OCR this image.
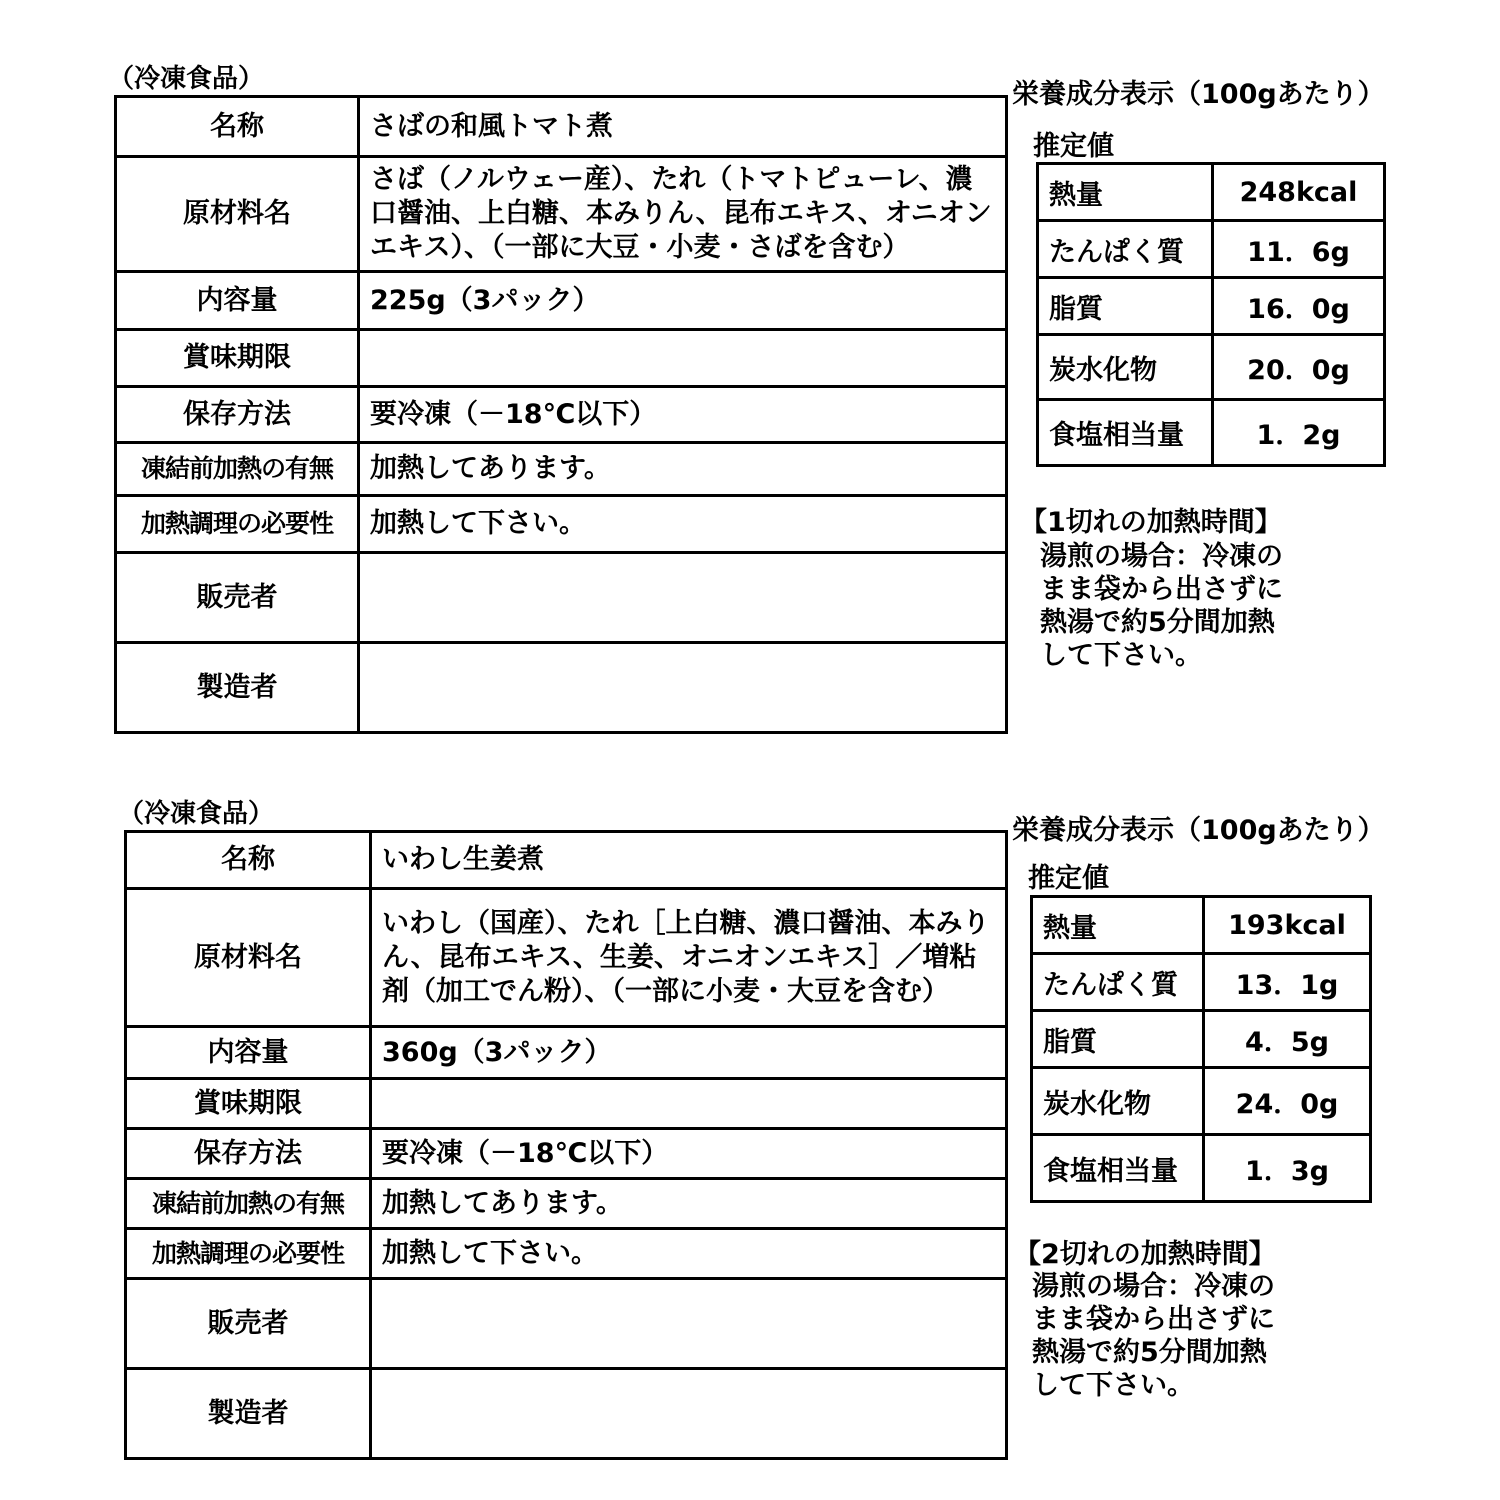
（冷凍食品）
名称	さばの和風トマト煮
原材料名	さば（ノルウェー産）、たれ（トマトピューレ、濃口醤油、上白糖、本みりん、昆布エキス、オニオンエキス）、（一部に大豆・小麦・さばを含む）
内容量	225g（3パック）
賞味期限	
保存方法	要冷凍（－18℃以下）
凍結前加熱の有無	加熱してあります。
加熱調理の必要性	加熱して下さい。
販売者	
製造者	
栄養成分表示（100gあたり）
推定値
熱量	248kcal
たんぱく質	11．6g
脂質	16．0g
炭水化物	20．0g
食塩相当量	1．2g
【1切れの加熱時間】
湯煎の場合：冷凍のまま袋から出さずに熱湯で約5分間加熱して下さい。
（冷凍食品）
名称	いわし生姜煮
原材料名	いわし（国産）、たれ［上白糖、濃口醤油、本みりん、昆布エキス、生姜、オニオンエキス］／増粘剤（加工でん粉）、（一部に小麦・大豆を含む）
内容量	360g（3パック）
賞味期限	
保存方法	要冷凍（－18℃以下）
凍結前加熱の有無	加熱してあります。
加熱調理の必要性	加熱して下さい。
販売者	
製造者	
栄養成分表示（100gあたり）
推定値
熱量	193kcal
たんぱく質	13．1g
脂質	4．5g
炭水化物	24．0g
食塩相当量	1．3g
【2切れの加熱時間】
湯煎の場合：冷凍のまま袋から出さずに熱湯で約5分間加熱して下さい。
